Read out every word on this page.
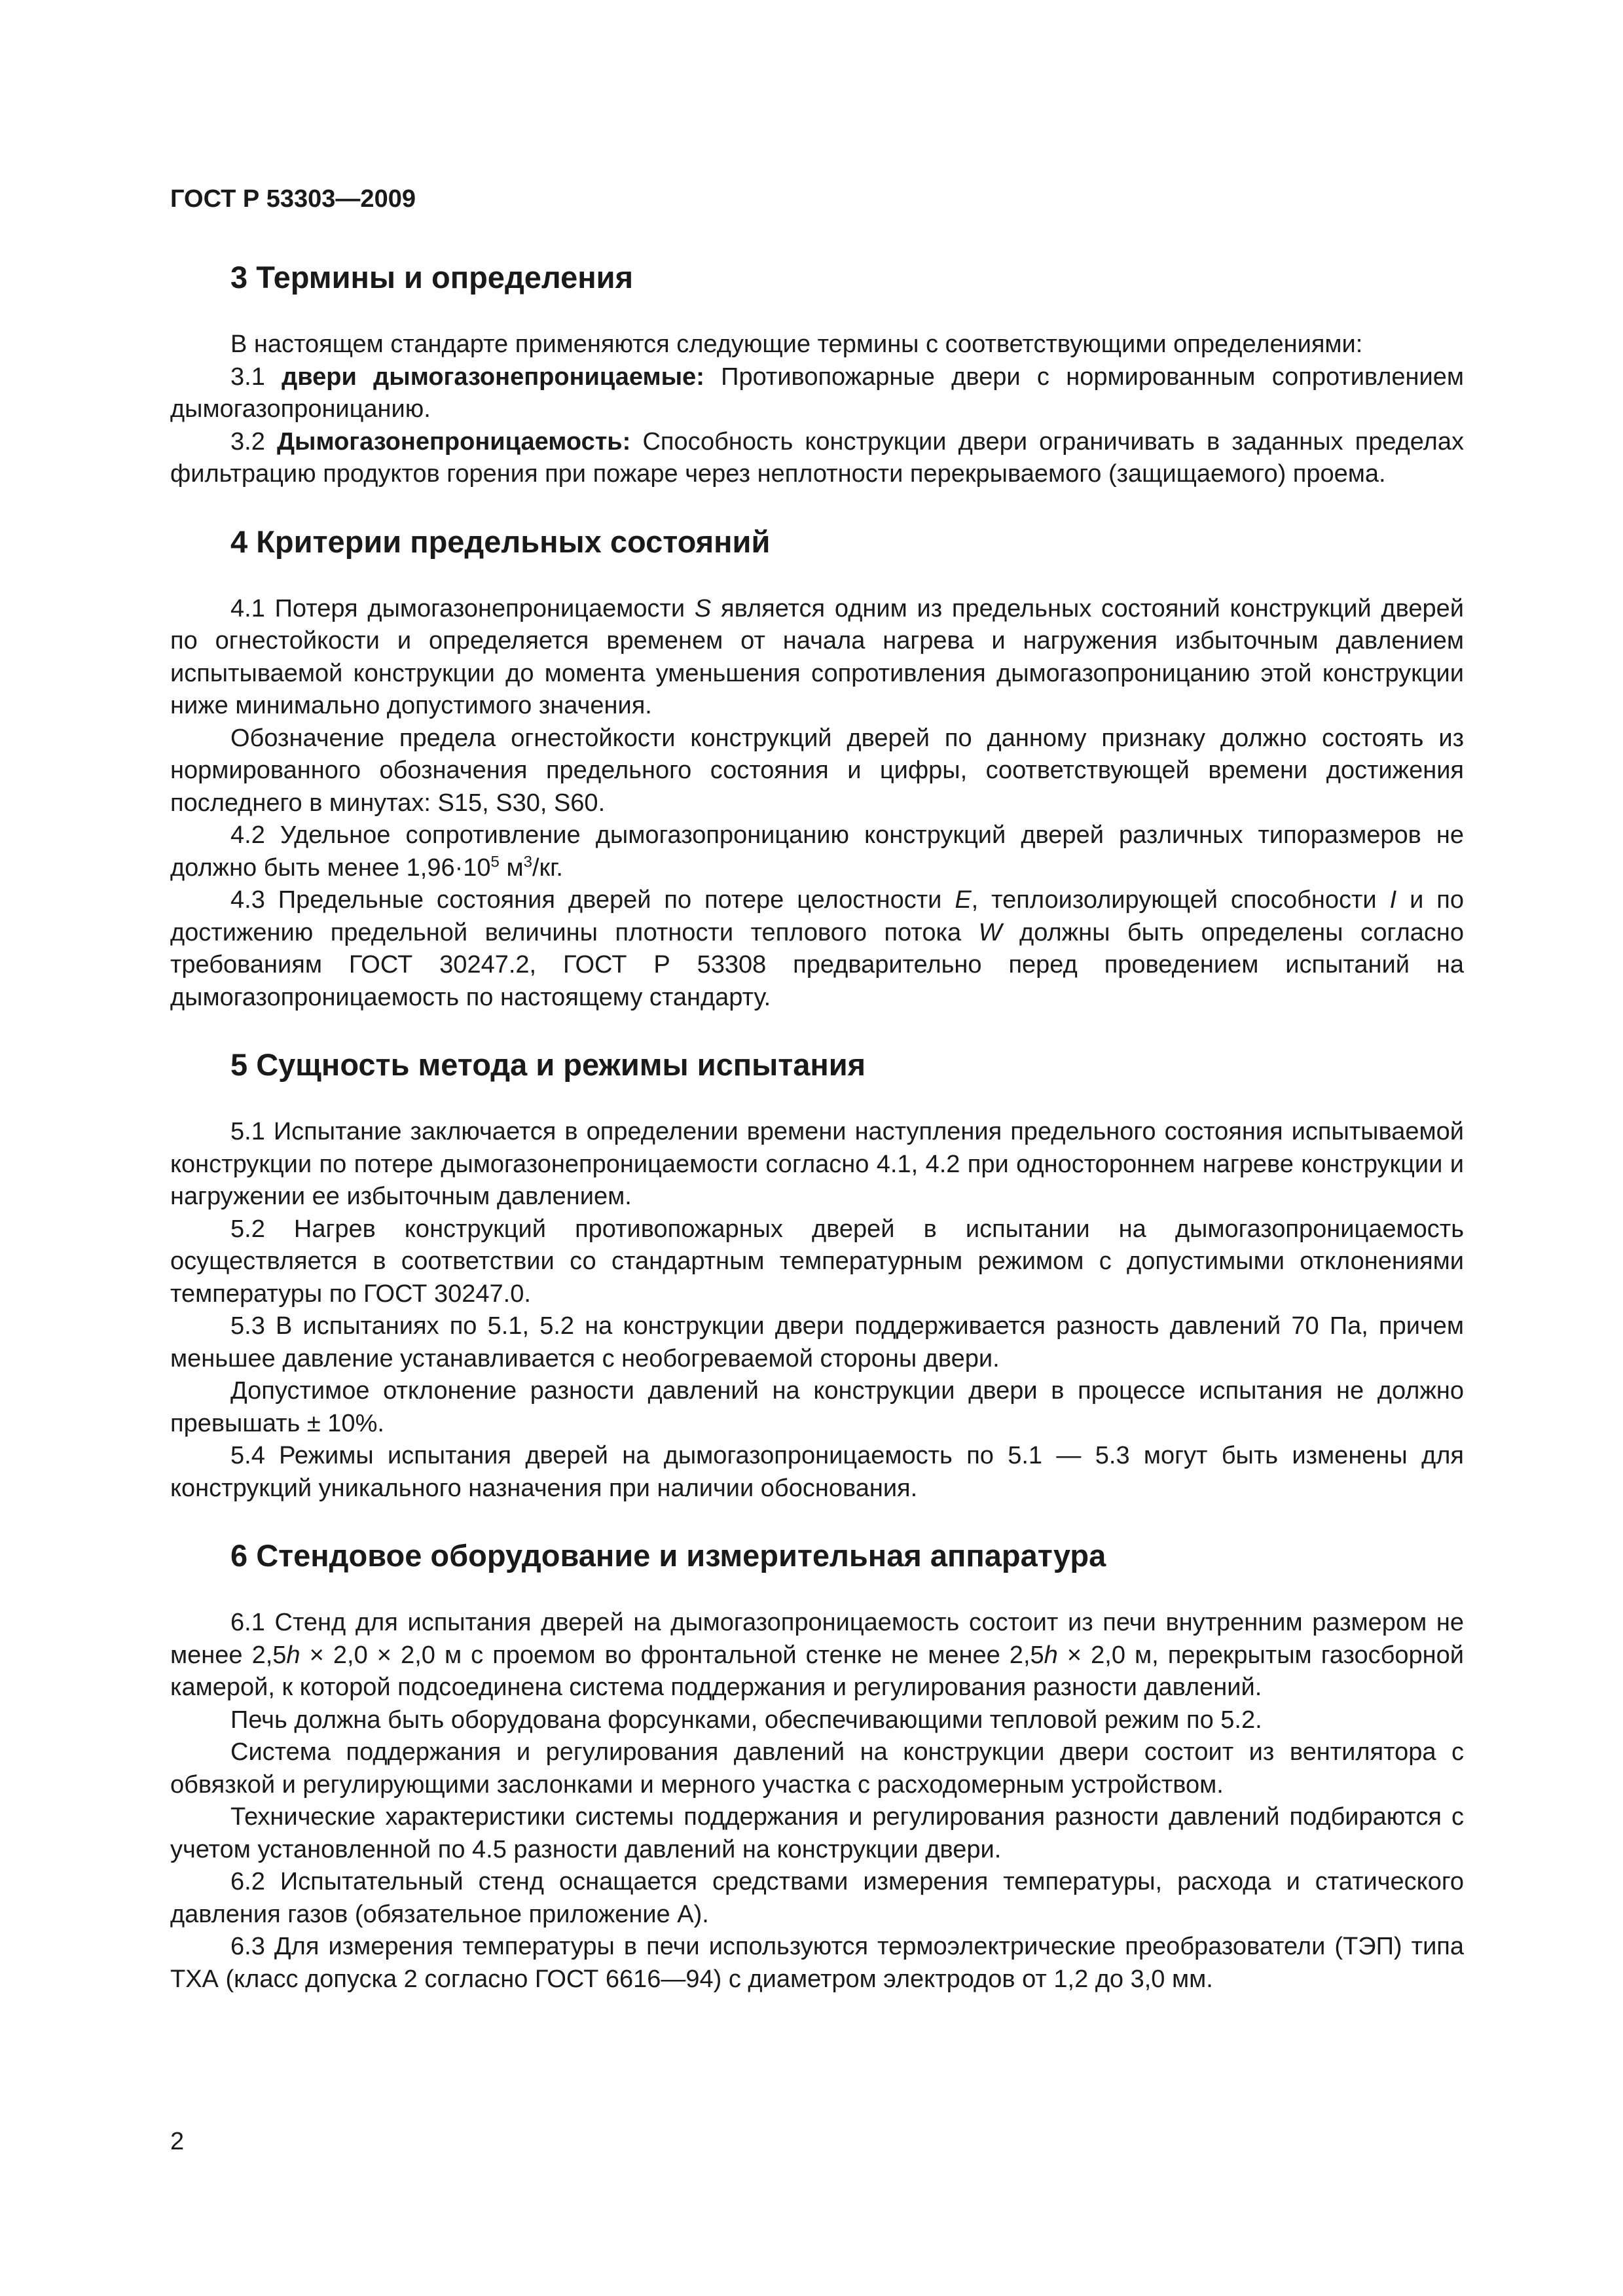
ГОСТ Р 53303—2009
3 Термины и определения

В настоящем стандарте применяются следующие термины с соответствующими определениями:

3.1 двери дымогазонепроницаемые: Противопожарные двери с нормированным сопротивлением дымогазопроницанию.

3.2 Дымогазонепроницаемость: Способность конструкции двери ограничивать в заданных пределах фильтрацию продуктов горения при пожаре через неплотности перекрываемого (защищаемого) проема.

4 Критерии предельных состояний

4.1 Потеря дымогазонепроницаемости S является одним из предельных состояний конструкций дверей по огнестойкости и определяется временем от начала нагрева и нагружения избыточным давлением испытываемой конструкции до момента уменьшения сопротивления дымогазопроницанию этой конструкции ниже минимально допустимого значения.

Обозначение предела огнестойкости конструкций дверей по данному признаку должно состоять из нормированного обозначения предельного состояния и цифры, соответствующей времени достижения последнего в минутах: S15, S30, S60.

4.2 Удельное сопротивление дымогазопроницанию конструкций дверей различных типоразмеров не должно быть менее $1,96\cdot 10^5$ $м^3/кг$.

4.3 Предельные состояния дверей по потере целостности E, теплоизолирующей способности I и по достижению предельной величины плотности теплового потока W должны быть определены согласно требованиям ГОСТ 30247.2, ГОСТ Р 53308 предварительно перед проведением испытаний на дымогазопроницаемость по настоящему стандарту.

5 Сущность метода и режимы испытания

5.1 Испытание заключается в определении времени наступления предельного состояния испытываемой конструкции по потере дымогазонепроницаемости согласно 4.1, 4.2 при одностороннем нагреве конструкции и нагружении ее избыточным давлением.

5.2 Нагрев конструкций противопожарных дверей в испытании на дымогазопроницаемость осуществляется в соответствии со стандартным температурным режимом с допустимыми отклонениями температуры по ГОСТ 30247.0.

5.3 В испытаниях по 5.1, 5.2 на конструкции двери поддерживается разность давлений 70 Па, причем меньшее давление устанавливается с необогреваемой стороны двери.

Допустимое отклонение разности давлений на конструкции двери в процессе испытания не должно превышать ± 10%.

5.4 Режимы испытания дверей на дымогазопроницаемость по 5.1 — 5.3 могут быть изменены для конструкций уникального назначения при наличии обоснования.

6 Стендовое оборудование и измерительная аппаратура

6.1 Стенд для испытания дверей на дымогазопроницаемость состоит из печи внутренним размером не менее 2,5h × 2,0 × 2,0 м с проемом во фронтальной стенке не менее 2,5h × 2,0 м, перекрытым газосборной камерой, к которой подсоединена система поддержания и регулирования разности давлений.

Печь должна быть оборудована форсунками, обеспечивающими тепловой режим по 5.2.

Система поддержания и регулирования давлений на конструкции двери состоит из вентилятора с обвязкой и регулирующими заслонками и мерного участка с расходомерным устройством.

Технические характеристики системы поддержания и регулирования разности давлений подбираются с учетом установленной по 4.5 разности давлений на конструкции двери.

6.2 Испытательный стенд оснащается средствами измерения температуры, расхода и статического давления газов (обязательное приложение А).

6.3 Для измерения температуры в печи используются термоэлектрические преобразователи (ТЭП) типа ТХА (класс допуска 2 согласно ГОСТ 6616—94) с диаметром электродов от 1,2 до 3,0 мм.

2
